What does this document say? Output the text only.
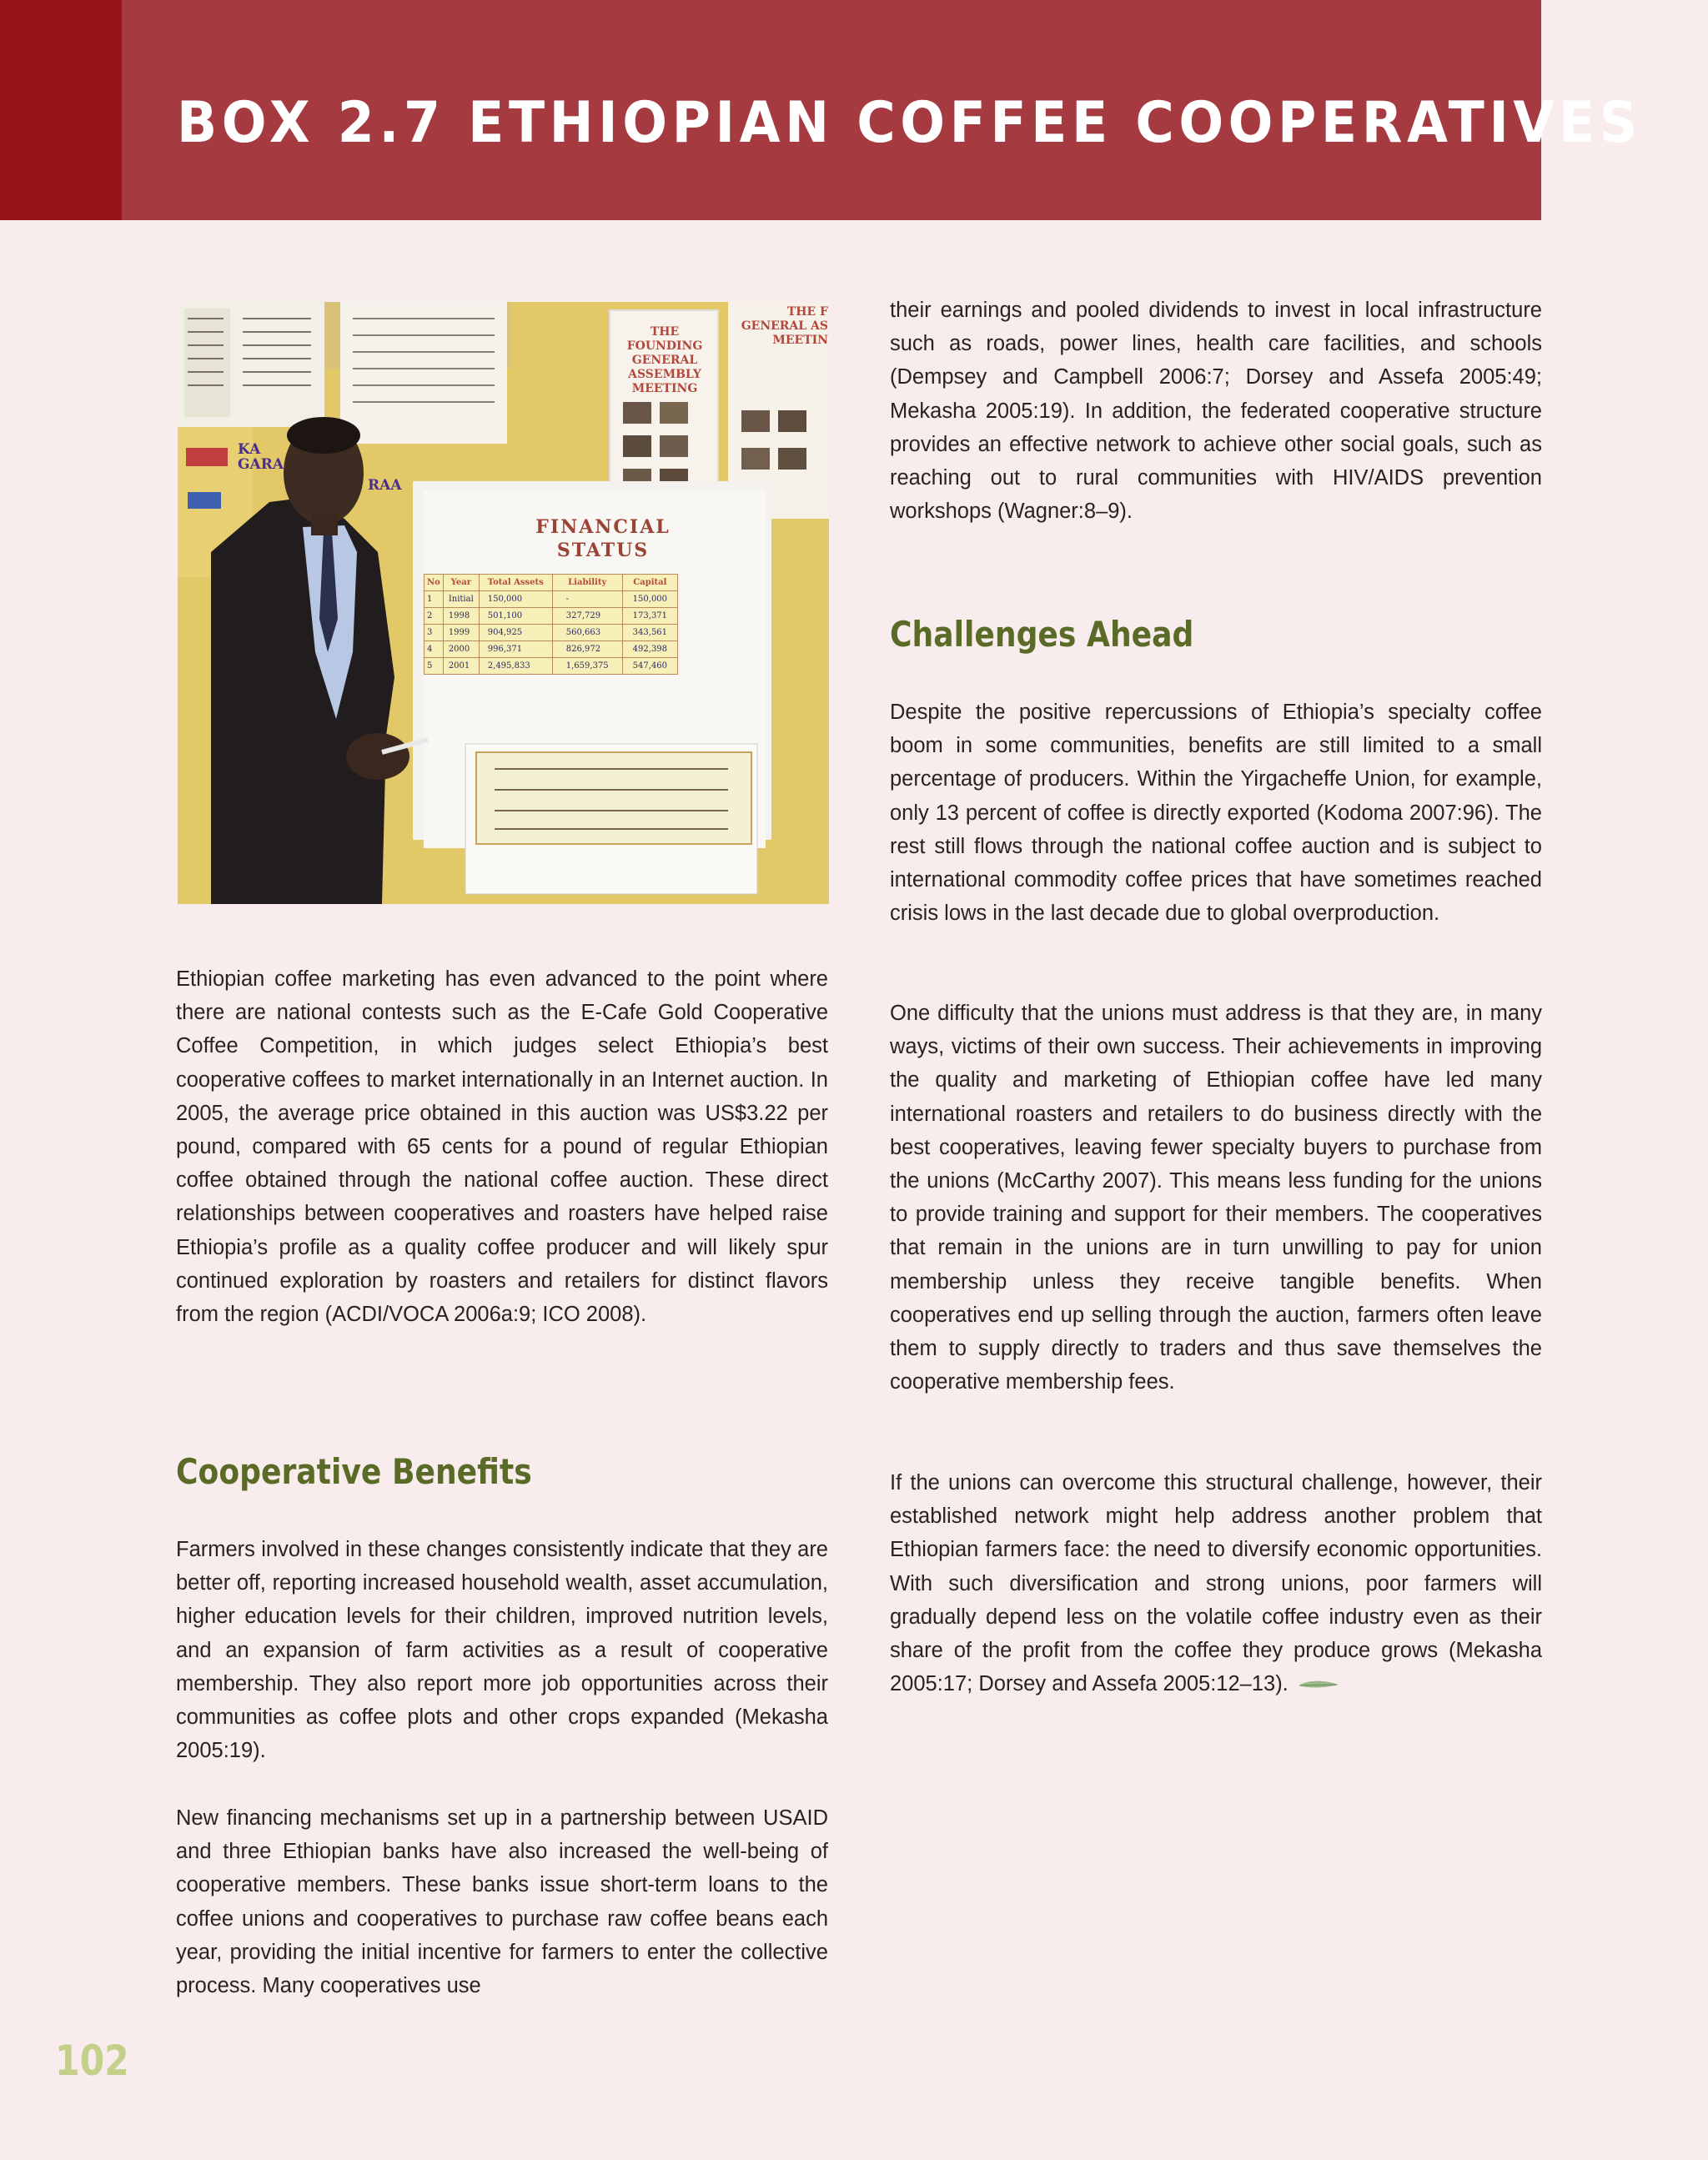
BOX 2.7 ETHIOPIAN COFFEE COOPERATIVES
THE FOUNDING
GENERAL
ASSEMBLY MEETING
THE F
GENERAL AS
MEETIN
KA
GARA
RAA
FINANCIAL
STATUS
No	Year	Total Assets	Liability	Capital
1	Initial	150,000	-	150,000
2	1998	501,100	327,729	173,371
3	1999	904,925	560,663	343,561
4	2000	996,371	826,972	492,398
5	2001	2,495,833	1,659,375	547,460

Ethiopian coffee marketing has even advanced to the point where there are national contests such as the E-Cafe Gold Cooperative Coffee Competition, in which judges select Ethiopia’s best cooperative coffees to market internationally in an Internet auction. In 2005, the average price obtained in this auction was US$3.22 per pound, compared with 65 cents for a pound of regular Ethiopian coffee obtained through the national coffee auction. These direct relationships between cooperatives and roasters have helped raise Ethiopia’s profile as a quality coffee producer and will likely spur continued exploration by roasters and retailers for distinct flavors from the region (ACDI/VOCA 2006a:9; ICO 2008).

Cooperative Benefits

Farmers involved in these changes consistently indicate that they are better off, reporting increased household wealth, asset accumulation, higher education levels for their children, improved nutrition levels, and an expansion of farm activities as a result of cooperative membership. They also report more job opportunities across their communities as coffee plots and other crops expanded (Mekasha 2005:19).

New financing mechanisms set up in a partnership between USAID and three Ethiopian banks have also increased the well-being of cooperative members. These banks issue short-term loans to the coffee unions and cooperatives to purchase raw coffee beans each year, providing the initial incentive for farmers to enter the collective process. Many cooperatives use

their earnings and pooled dividends to invest in local infrastructure such as roads, power lines, health care facilities, and schools (Dempsey and Campbell 2006:7; Dorsey and Assefa 2005:49; Mekasha 2005:19). In addition, the federated cooperative structure provides an effective network to achieve other social goals, such as reaching out to rural communities with HIV/AIDS prevention workshops (Wagner:8–9).

Challenges Ahead

Despite the positive repercussions of Ethiopia’s specialty coffee boom in some communities, benefits are still limited to a small percentage of producers. Within the Yirgacheffe Union, for example, only 13 percent of coffee is directly exported (Kodoma 2007:96). The rest still flows through the national coffee auction and is subject to international commodity coffee prices that have sometimes reached crisis lows in the last decade due to global overproduction.

One difficulty that the unions must address is that they are, in many ways, victims of their own success. Their achievements in improving the quality and marketing of Ethiopian coffee have led many international roasters and retailers to do business directly with the best cooperatives, leaving fewer specialty buyers to purchase from the unions (McCarthy 2007). This means less funding for the unions to provide training and support for their members. The cooperatives that remain in the unions are in turn unwilling to pay for union membership unless they receive tangible benefits. When cooperatives end up selling through the auction, farmers often leave them to supply directly to traders and thus save themselves the cooperative membership fees.

If the unions can overcome this structural challenge, however, their established network might help address another problem that Ethiopian farmers face: the need to diversify economic opportunities. With such diversification and strong unions, poor farmers will gradually depend less on the volatile coffee industry even as their share of the profit from the coffee they produce grows (Mekasha 2005:17; Dorsey and Assefa 2005:12–13).

102
